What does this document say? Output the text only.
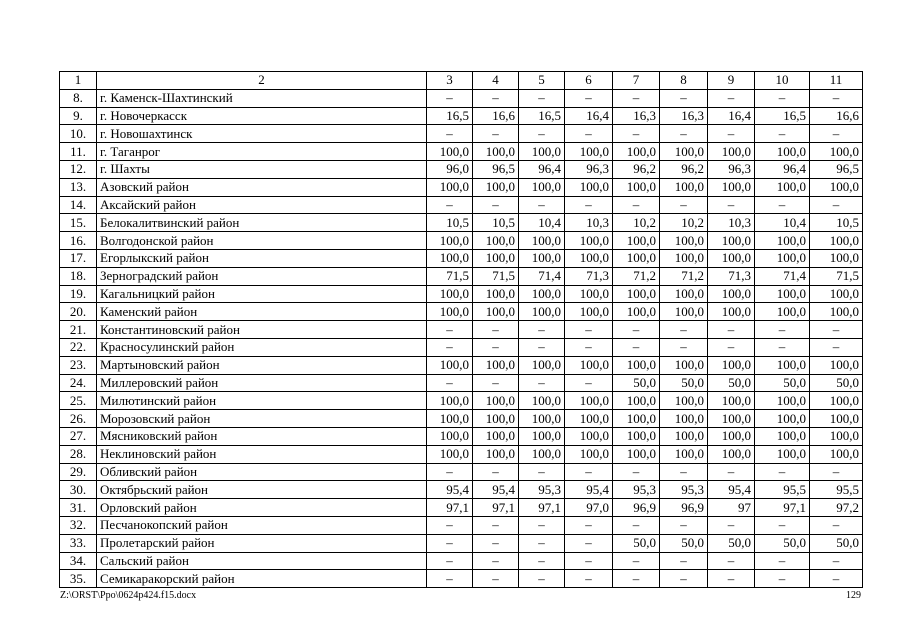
1	2	3	4	5	6	7	8	9	10	11
8.	г. Каменск-Шахтинский	–	–	–	–	–	–	–	–	–
9.	г. Новочеркасск	16,5	16,6	16,5	16,4	16,3	16,3	16,4	16,5	16,6
10.	г. Новошахтинск	–	–	–	–	–	–	–	–	–
11.	г. Таганрог	100,0	100,0	100,0	100,0	100,0	100,0	100,0	100,0	100,0
12.	г. Шахты	96,0	96,5	96,4	96,3	96,2	96,2	96,3	96,4	96,5
13.	Азовский район	100,0	100,0	100,0	100,0	100,0	100,0	100,0	100,0	100,0
14.	Аксайский район	–	–	–	–	–	–	–	–	–
15.	Белокалитвинский район	10,5	10,5	10,4	10,3	10,2	10,2	10,3	10,4	10,5
16.	Волгодонской район	100,0	100,0	100,0	100,0	100,0	100,0	100,0	100,0	100,0
17.	Егорлыкский район	100,0	100,0	100,0	100,0	100,0	100,0	100,0	100,0	100,0
18.	Зерноградский район	71,5	71,5	71,4	71,3	71,2	71,2	71,3	71,4	71,5
19.	Кагальницкий район	100,0	100,0	100,0	100,0	100,0	100,0	100,0	100,0	100,0
20.	Каменский район	100,0	100,0	100,0	100,0	100,0	100,0	100,0	100,0	100,0
21.	Константиновский район	–	–	–	–	–	–	–	–	–
22.	Красносулинский район	–	–	–	–	–	–	–	–	–
23.	Мартыновский район	100,0	100,0	100,0	100,0	100,0	100,0	100,0	100,0	100,0
24.	Миллеровский район	–	–	–	–	50,0	50,0	50,0	50,0	50,0
25.	Милютинский район	100,0	100,0	100,0	100,0	100,0	100,0	100,0	100,0	100,0
26.	Морозовский район	100,0	100,0	100,0	100,0	100,0	100,0	100,0	100,0	100,0
27.	Мясниковский район	100,0	100,0	100,0	100,0	100,0	100,0	100,0	100,0	100,0
28.	Неклиновский район	100,0	100,0	100,0	100,0	100,0	100,0	100,0	100,0	100,0
29.	Обливский район	–	–	–	–	–	–	–	–	–
30.	Октябрьский район	95,4	95,4	95,3	95,4	95,3	95,3	95,4	95,5	95,5
31.	Орловский район	97,1	97,1	97,1	97,0	96,9	96,9	97	97,1	97,2
32.	Песчанокопский район	–	–	–	–	–	–	–	–	–
33.	Пролетарский район	–	–	–	–	50,0	50,0	50,0	50,0	50,0
34.	Сальский район	–	–	–	–	–	–	–	–	–
35.	Семикаракорский район	–	–	–	–	–	–	–	–	–
Z:\ORST\Ppo\0624p424.f15.docx	129
